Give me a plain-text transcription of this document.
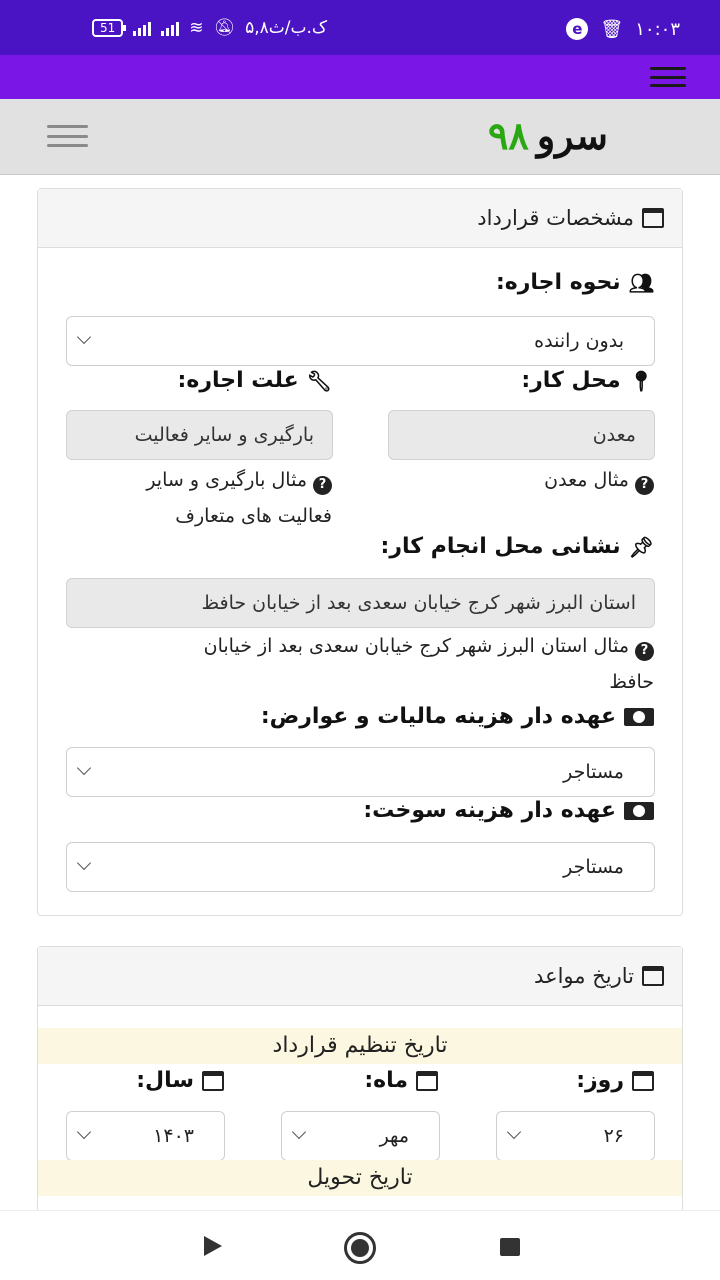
51	≋ 🔕︎ ۵,۸ک.ب/ث	e 🗑︎ ۱۰:۰۳
سرو۹۸
مشخصات قرارداد
👥︎
نحوه اجاره:
بدون راننده
📍︎
محل کار:
معدن
?مثال معدن
🔧︎
علت اجاره:
بارگیری و سایر فعالیت
?مثال بارگیری و سایر
فعالیت های متعارف
📌︎
نشانی محل انجام کار:
استان البرز شهر کرج خیابان سعدی بعد از خیابان حافظ
?مثال استان البرز شهر کرج خیابان سعدی بعد از خیابان
حافظ
عهده دار هزینه مالیات و عوارض:
مستاجر
عهده دار هزینه سوخت:
مستاجر
تاریخ مواعد
تاریخ تنظیم قرارداد
روز:
ماه:
سال:
۲۶
مهر
۱۴۰۳
تاریخ تحویل
